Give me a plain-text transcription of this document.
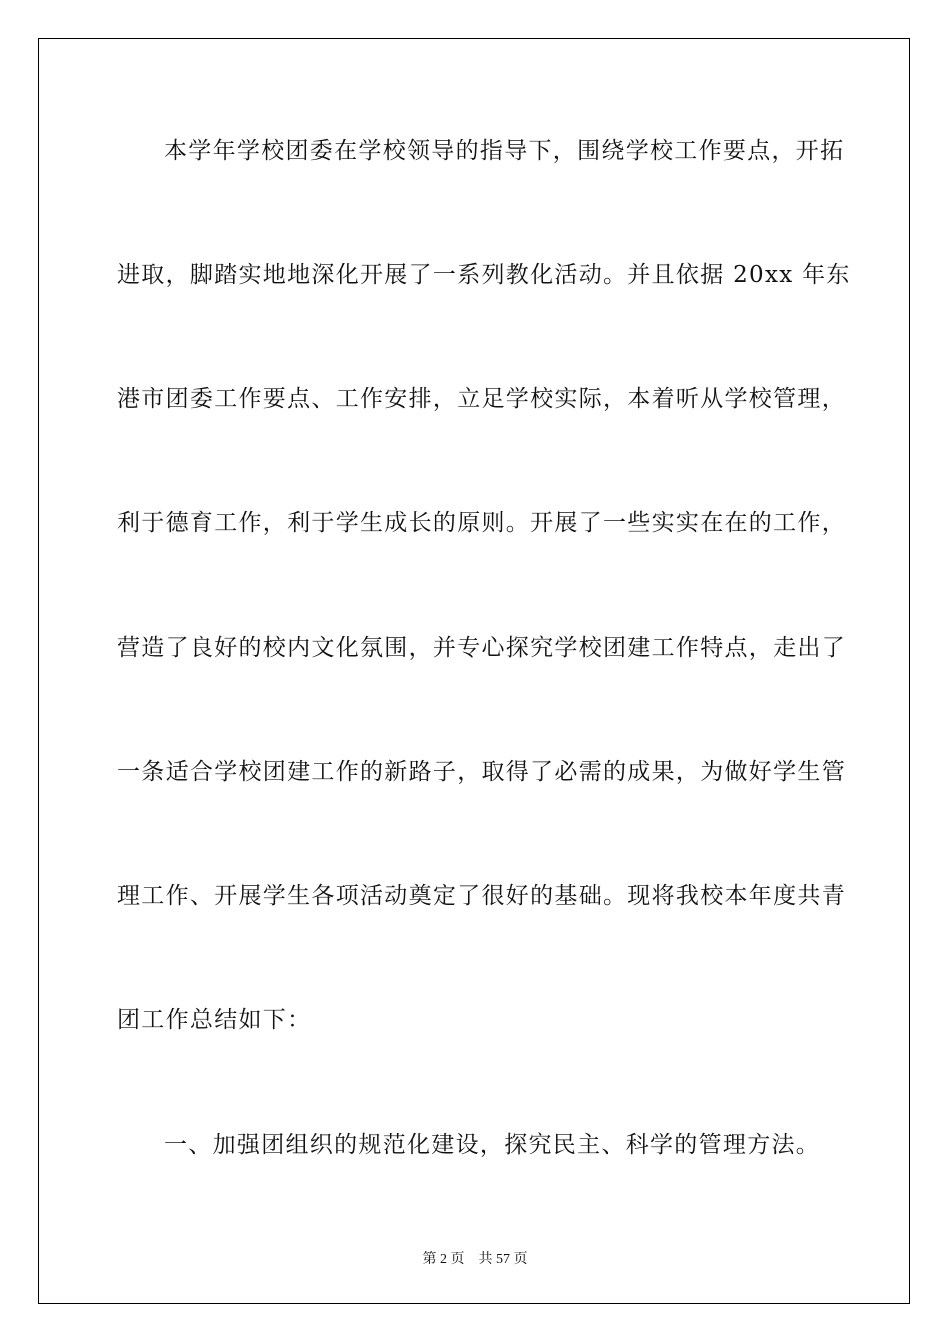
本学年学校团委在学校领导的指导下，围绕学校工作要点，开拓

进取，脚踏实地地深化开展了一系列教化活动。并且依据 20xx 年东

港市团委工作要点、工作安排，立足学校实际，本着听从学校管理，

利于德育工作，利于学生成长的原则。开展了一些实实在在的工作，

营造了良好的校内文化氛围，并专心探究学校团建工作特点，走出了

一条适合学校团建工作的新路子，取得了必需的成果，为做好学生管

理工作、开展学生各项活动奠定了很好的基础。现将我校本年度共青

团工作总结如下：

一、加强团组织的规范化建设，探究民主、科学的管理方法。

第 2 页 共 57 页
